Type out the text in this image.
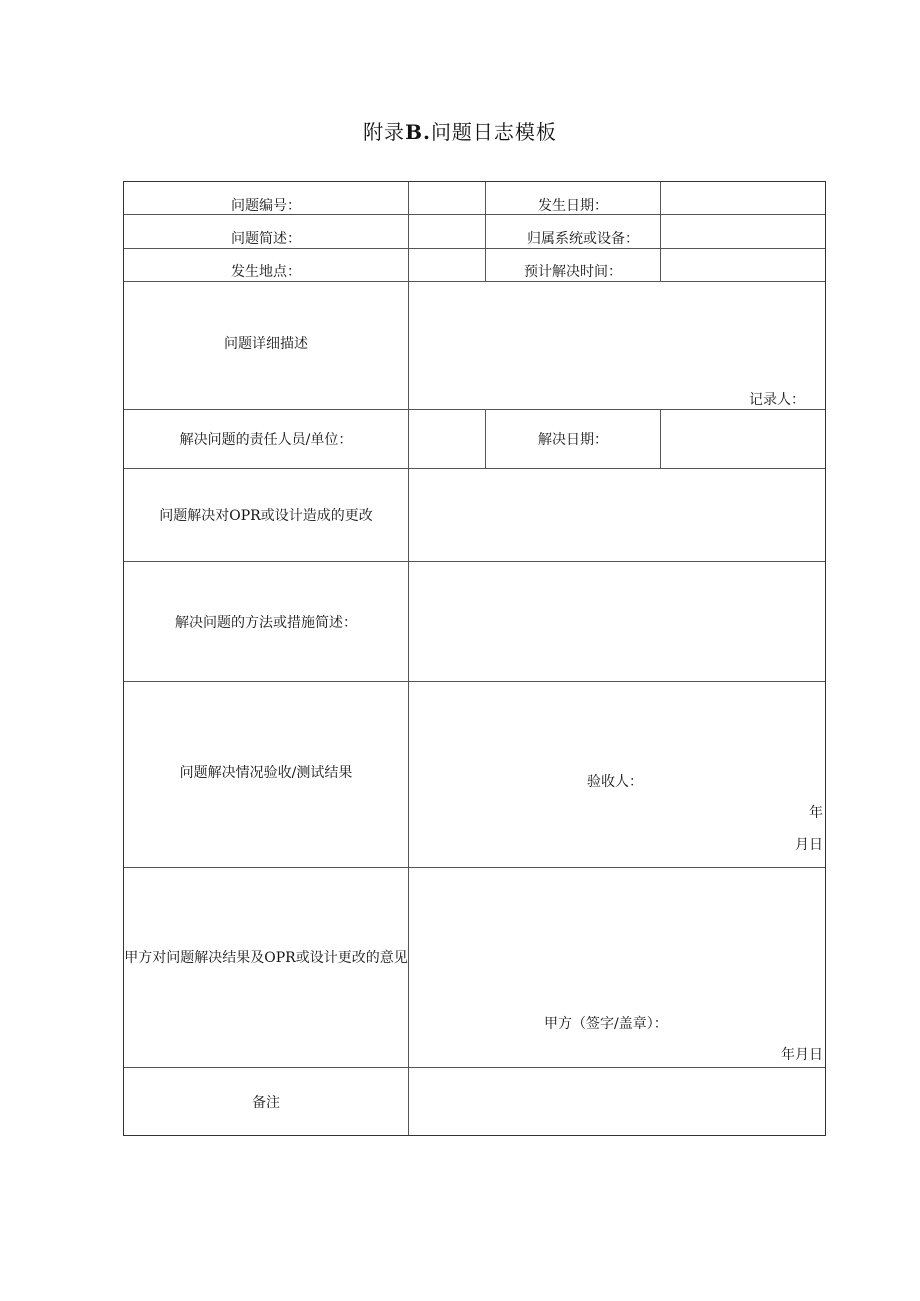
附录B.问题日志模板
问题编号：	发生日期：
问题简述：	归属系统或设备：
发生地点：	预计解决时间：
问题详细描述
记录人：
解决问题的责任人员/单位：	解决日期：
问题解决对OPR或设计造成的更改
解决问题的方法或措施简述：
问题解决情况验收/测试结果
验收人：
年
月日
甲方对问题解决结果及OPR或设计更改的意见
甲方（签字/盖章）：
年月日
备注
